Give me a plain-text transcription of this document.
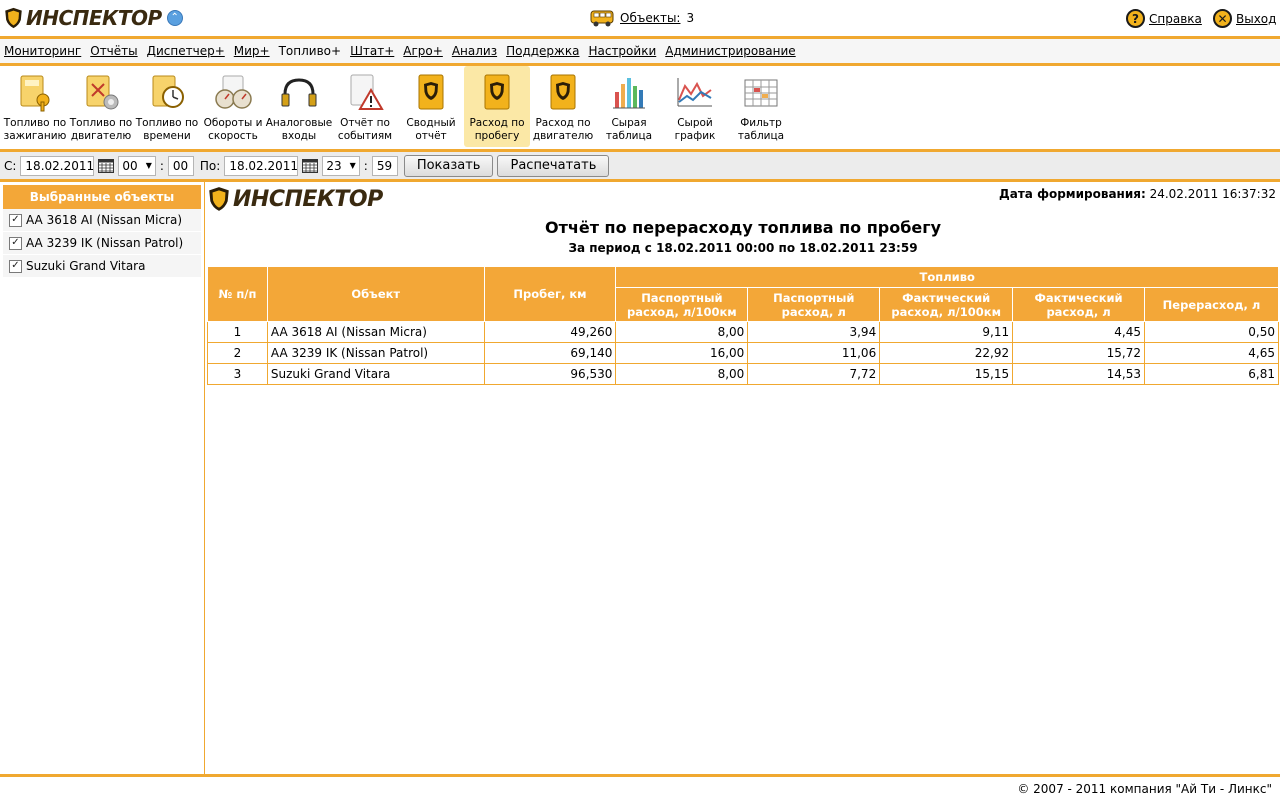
ИНСПЕКТОР ⌃	Объекты: 3	? Справка	✕ Выход
Мониторинг Отчёты Диспетчер+ Мир+ Топливо+ Штат+ Агро+ Анализ Поддержка Настройки Администрирование
Топливо по
зажиганию
Топливо по
двигателю
Топливо по
времени
Обороты и
скорость
Аналоговые
входы
Отчёт по
событиям
Сводный
отчёт
Расход по
пробегу
Расход по
двигателю
Сырая
таблица
Сырой
график
Фильтр
таблица
С: 18.02.2011 00 ▼ : 00 По: 18.02.2011 23 ▼ : 59	Показать	Распечатать
Выбранные объекты
✓ AA 3618 AI (Nissan Micra)
✓ AA 3239 IK (Nissan Patrol)
✓ Suzuki Grand Vitara
ИНСПЕКТОР	Дата формирования: 24.02.2011 16:37:32
Отчёт по перерасходу топлива по пробегу
За период с 18.02.2011 00:00 по 18.02.2011 23:59
№ п/п	Объект	Пробег, км	Топливо				
			Паспортный
расход, л/100км	Паспортный
расход, л	Фактический
расход, л/100км	Фактический
расход, л	Перерасход, л
1	AA 3618 AI (Nissan Micra)	49,260	8,00	3,94	9,11	4,45	0,50
2	AA 3239 IK (Nissan Patrol)	69,140	16,00	11,06	22,92	15,72	4,65
3	Suzuki Grand Vitara	96,530	8,00	7,72	15,15	14,53	6,81
© 2007 - 2011 компания "Ай Ти - Линкс"
